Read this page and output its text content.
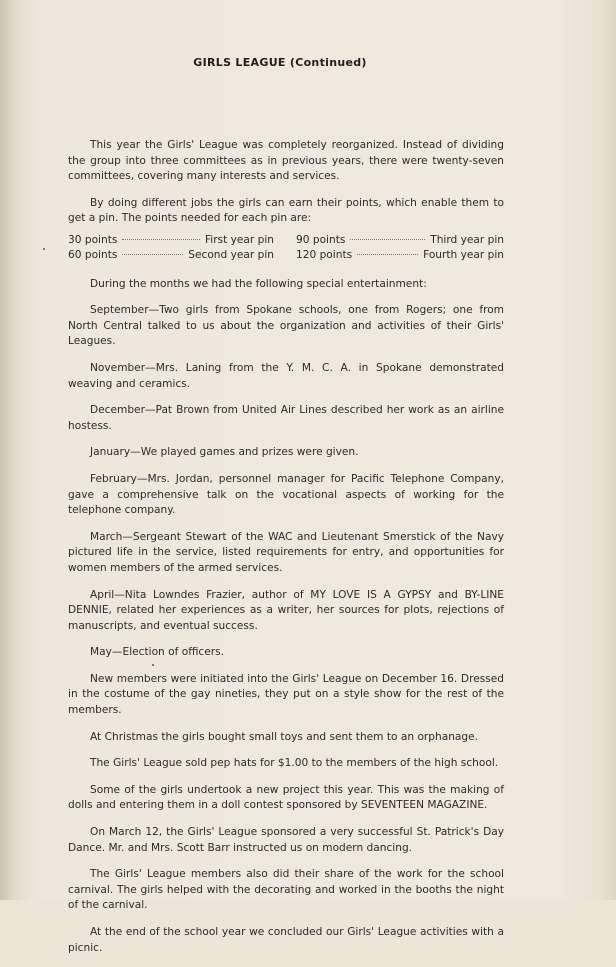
GIRLS LEAGUE (Continued)

This year the Girls' League was completely reorganized. Instead of dividing the group into three committees as in previous years, there were twenty-seven committees, covering many interests and services.

By doing different jobs the girls can earn their points, which enable them to get a pin. The points needed for each pin are:

30 points	First year pin 90 points	Third year pin
60 points	Second year pin 120 points	Fourth year pin

During the months we had the following special entertainment:

September—Two girls from Spokane schools, one from Rogers; one from North Central talked to us about the organization and activities of their Girls' Leagues.

November—Mrs. Laning from the Y. M. C. A. in Spokane demonstrated weaving and ceramics.

December—Pat Brown from United Air Lines described her work as an airline hostess.

January—We played games and prizes were given.

February—Mrs. Jordan, personnel manager for Pacific Telephone Company, gave a comprehensive talk on the vocational aspects of working for the telephone company.

March—Sergeant Stewart of the WAC and Lieutenant Smerstick of the Navy pictured life in the service, listed requirements for entry, and opportunities for women members of the armed services.

April—Nita Lowndes Frazier, author of MY LOVE IS A GYPSY and BY-LINE DENNIE, related her experiences as a writer, her sources for plots, rejections of manuscripts, and eventual success.

May—Election of officers.

New members were initiated into the Girls' League on December 16. Dressed in the costume of the gay nineties, they put on a style show for the rest of the members.

At Christmas the girls bought small toys and sent them to an orphanage.

The Girls' League sold pep hats for $1.00 to the members of the high school.

Some of the girls undertook a new project this year. This was the making of dolls and entering them in a doll contest sponsored by SEVENTEEN MAGAZINE.

On March 12, the Girls' League sponsored a very successful St. Patrick's Day Dance. Mr. and Mrs. Scott Barr instructed us on modern dancing.

The Girls' League members also did their share of the work for the school carnival. The girls helped with the decorating and worked in the booths the night of the carnival.

At the end of the school year we concluded our Girls' League activities with a picnic.
